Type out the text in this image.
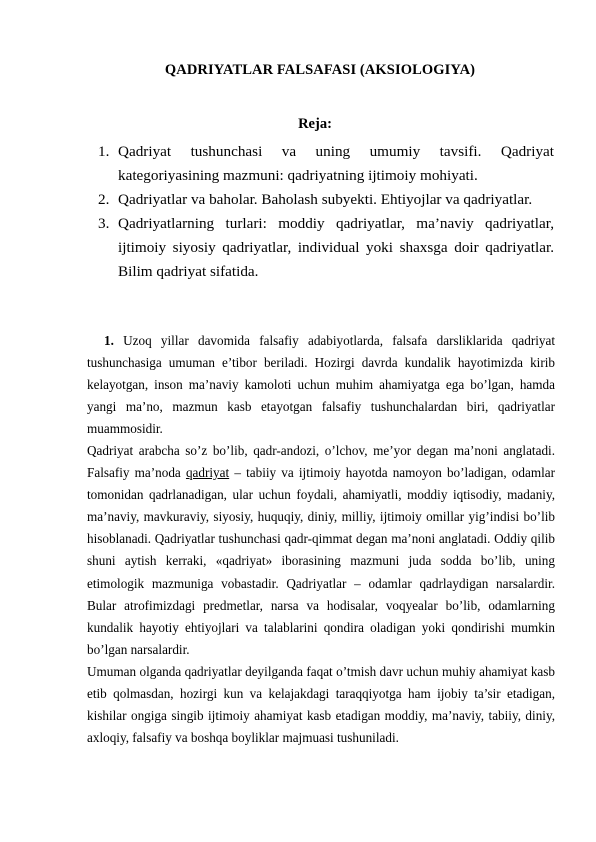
QADRIYATLAR FALSAFASI (AKSIOLOGIYA)
Reja:
1. Qadriyat tushunchasi va uning umumiy tavsifi. Qadriyat kategoriyasining mazmuni: qadriyatning ijtimoiy mohiyati.
2. Qadriyatlar va baholar. Baholash subyekti. Ehtiyojlar va qadriyatlar.
3. Qadriyatlarning turlari: moddiy qadriyatlar, ma’naviy qadriyatlar, ijtimoiy siyosiy qadriyatlar, individual yoki shaxsga doir qadriyatlar. Bilim qadriyat sifatida.

1. Uzoq yillar davomida falsafiy adabiyotlarda, falsafa darsliklarida qadriyat tushunchasiga umuman e’tibor beriladi. Hozirgi davrda kundalik hayotimizda kirib kelayotgan, inson ma’naviy kamoloti uchun muhim ahamiyatga ega bo’lgan, hamda yangi ma’no, mazmun kasb etayotgan falsafiy tushunchalardan biri, qadriyatlar muammosidir.

Qadriyat arabcha so’z bo’lib, qadr-andozi, o’lchov, me’yor degan ma’noni anglatadi. Falsafiy ma’noda qadriyat – tabiiy va ijtimoiy hayotda namoyon bo’ladigan, odamlar tomonidan qadrlanadigan, ular uchun foydali, ahamiyatli, moddiy iqtisodiy, madaniy, ma’naviy, mavkuraviy, siyosiy, huquqiy, diniy, milliy, ijtimoiy omillar yig’indisi bo’lib hisoblanadi. Qadriyatlar tushunchasi qadr-qimmat degan ma’noni anglatadi. Oddiy qilib shuni aytish kerraki, «qadriyat» iborasining mazmuni juda sodda bo’lib, uning etimologik mazmuniga vobastadir. Qadriyatlar – odamlar qadrlaydigan narsalardir. Bular atrofimizdagi predmetlar, narsa va hodisalar, voqyealar bo’lib, odamlarning kundalik hayotiy ehtiyojlari va talablarini qondira oladigan yoki qondirishi mumkin bo’lgan narsalardir.

Umuman olganda qadriyatlar deyilganda faqat o’tmish davr uchun muhiy ahamiyat kasb etib qolmasdan, hozirgi kun va kelajakdagi taraqqiyotga ham ijobiy ta’sir etadigan, kishilar ongiga singib ijtimoiy ahamiyat kasb etadigan moddiy, ma’naviy, tabiiy, diniy, axloqiy, falsafiy va boshqa boyliklar majmuasi tushuniladi.
